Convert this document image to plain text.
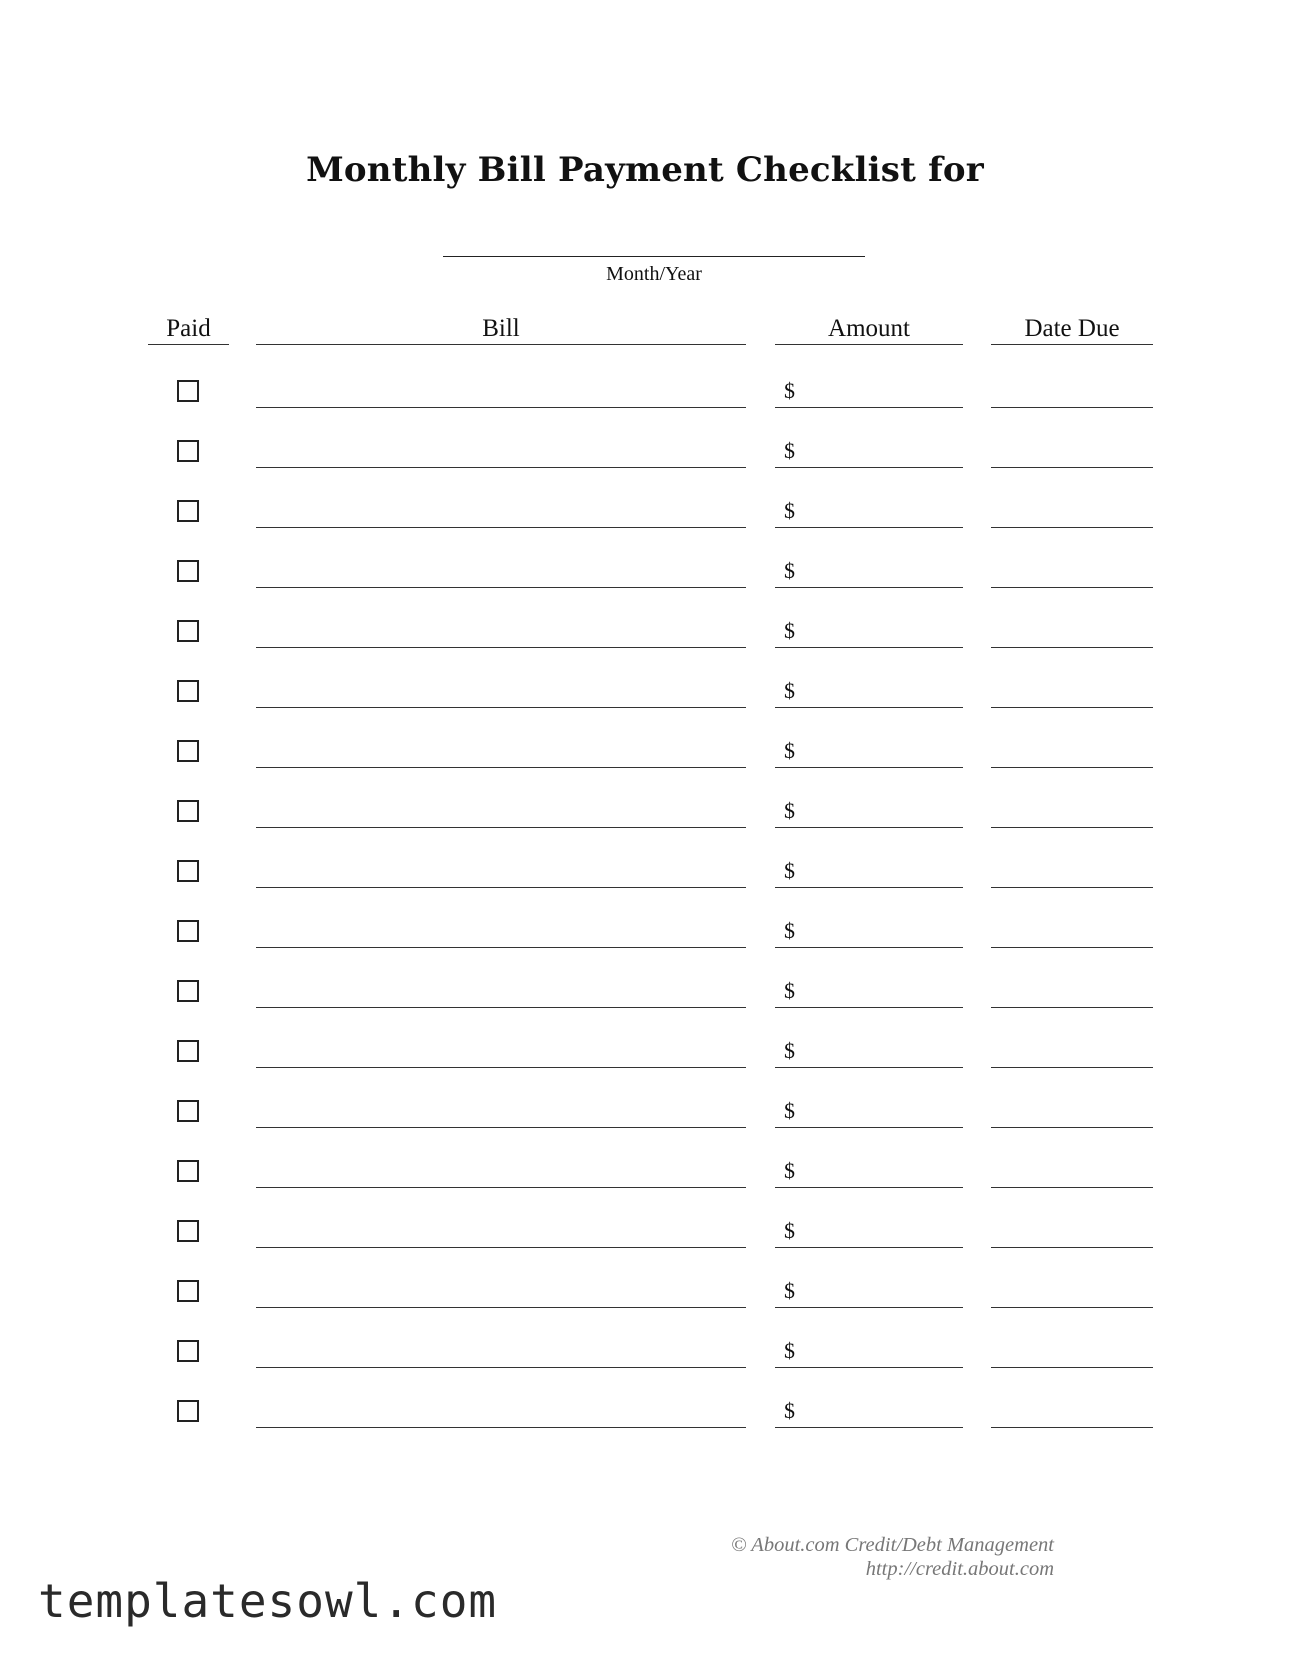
Monthly Bill Payment Checklist for
Month/Year
Paid	Bill	Amount	Date Due
$
$
$
$
$
$
$
$
$
$
$
$
$
$
$
$
$
$
© About.com Credit/Debt Management
http://credit.about.com
templatesowl.com
